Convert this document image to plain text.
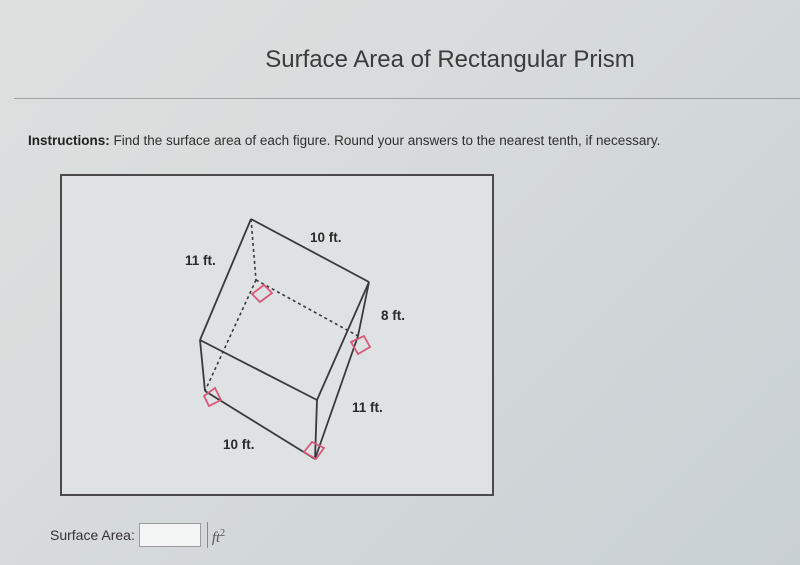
Surface Area of Rectangular Prism
Instructions: Find the surface area of each figure. Round your answers to the nearest tenth, if necessary.
10 ft.
11 ft.
8 ft.
11 ft.
10 ft.
Surface Area:	$ft^2$
